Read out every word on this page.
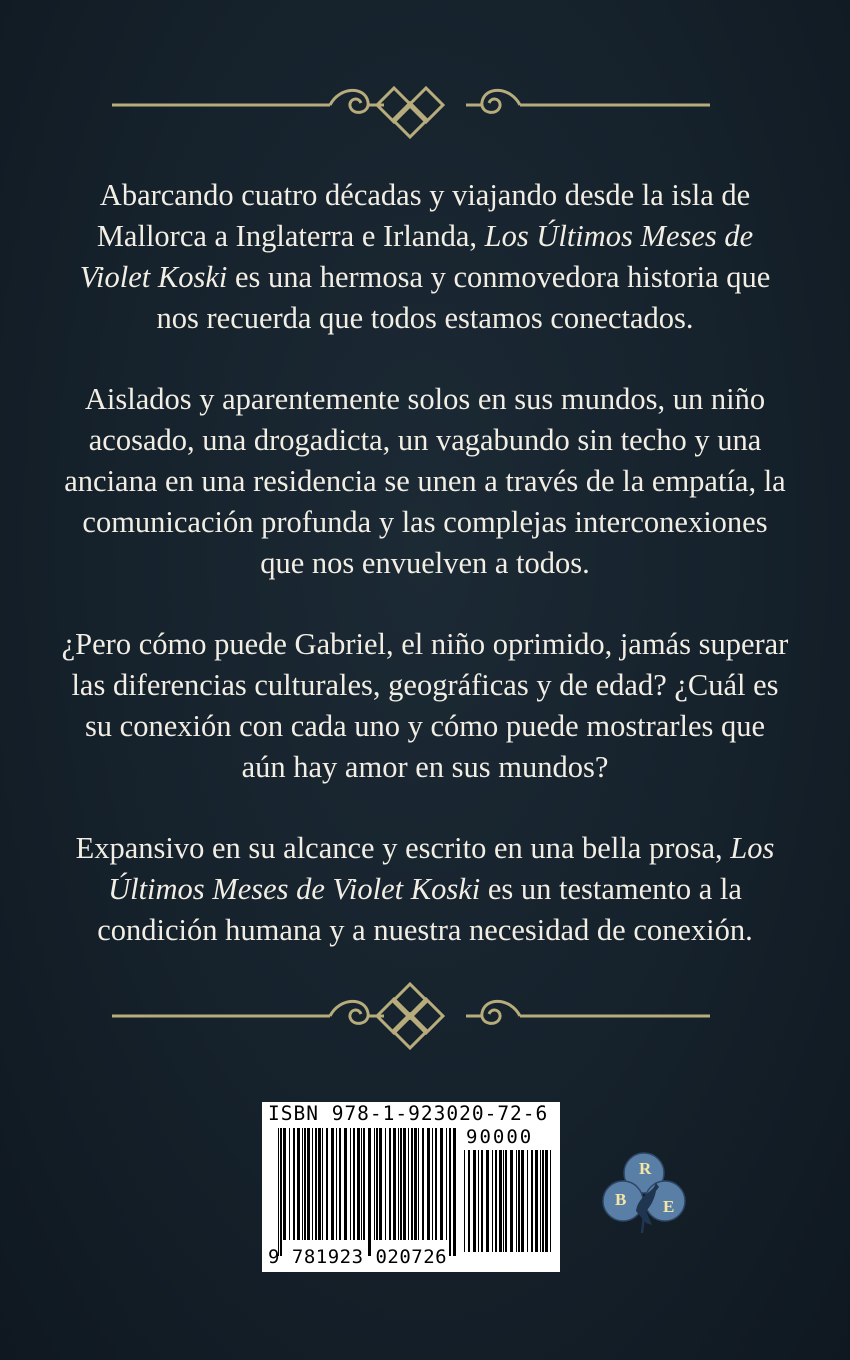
Abarcando cuatro décadas y viajando desde la isla de Mallorca a Inglaterra e Irlanda, Los Últimos Meses de Violet Koski es una hermosa y conmovedora historia que nos recuerda que todos estamos conectados.

Aislados y aparentemente solos en sus mundos, un niño acosado, una drogadicta, un vagabundo sin techo y una anciana en una residencia se unen a través de la empatía, la comunicación profunda y las complejas interconexiones que nos envuelven a todos.

¿Pero cómo puede Gabriel, el niño oprimido, jamás superar las diferencias culturales, geográficas y de edad? ¿Cuál es su conexión con cada uno y cómo puede mostrarles que aún hay amor en sus mundos?

Expansivo en su alcance y escrito en una bella prosa, Los Últimos Meses de Violet Koski es un testamento a la condición humana y a nuestra necesidad de conexión.

ISBN 978-1-923020-72-6
90000
9 781923 020726
R
B E
